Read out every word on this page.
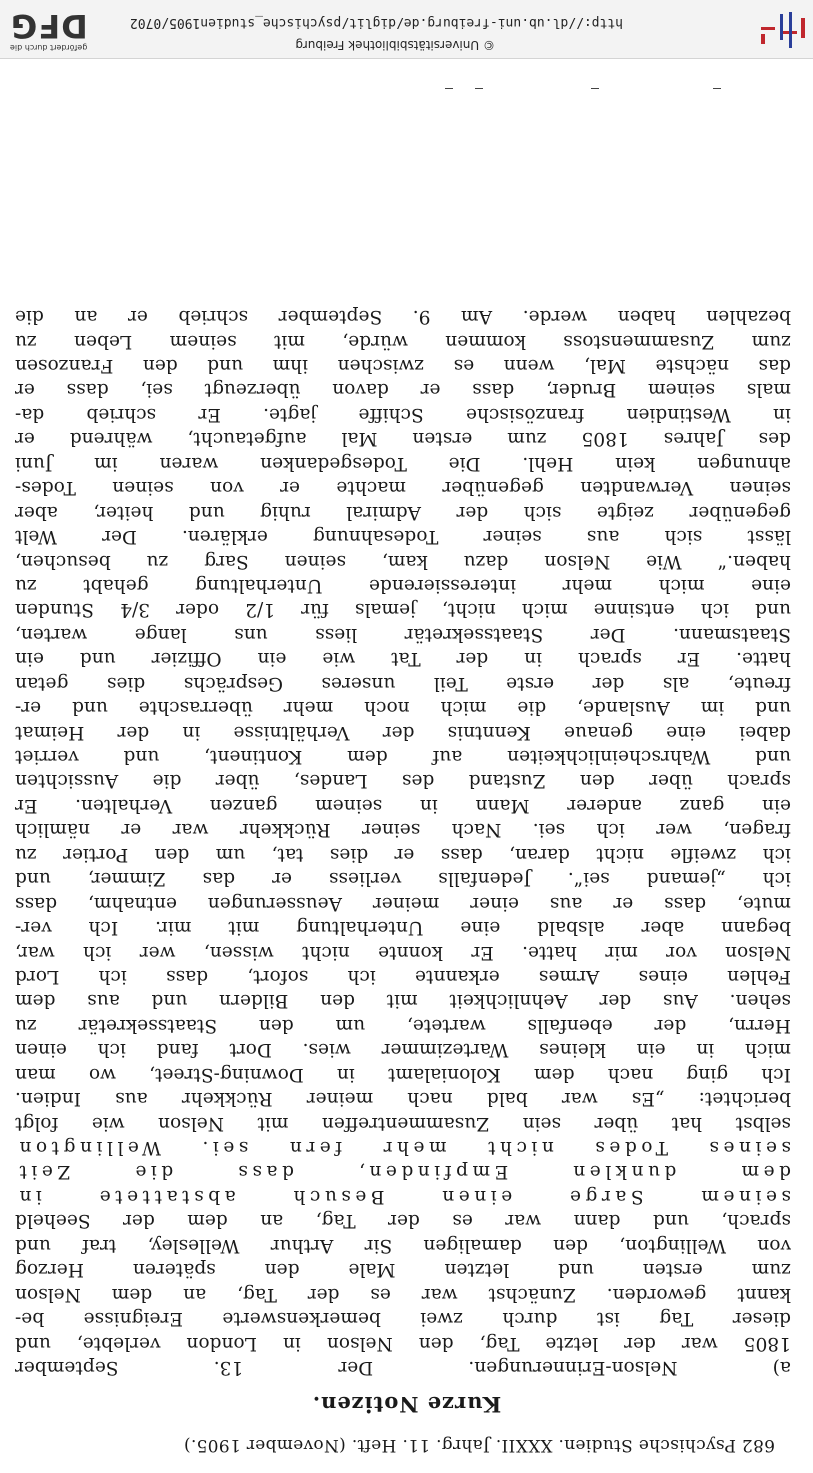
682 Psychische Studien. XXXII. Jahrg. 11. Heft. (November 1905.)
Kurze Notizen.
a) Nelson-Erinnerungen. Der 13. September
1805 war der letzte Tag, den Nelson in London verlebte, und
dieser Tag ist durch zwei bemerkenswerte Ereignisse be-
kannt geworden. Zunächst war es der Tag, an dem Nelson
zum ersten und letzten Male den späteren Herzog
von Wellington, den damaligen Sir Arthur Wellesley, traf und
sprach, und dann war es der Tag, an dem der Seeheld
seinem Sarge einen Besuch abstattete in
dem dunklen Empfinden, dass die Zeit
seines Todes nicht mehr fern sei. Wellington
selbst hat über sein Zusammentreffen mit Nelson wie folgt
berichtet: „Es war bald nach meiner Rückkehr aus Indien.
Ich ging nach dem Kolonialamt in Downing-Street, wo man
mich in ein kleines Wartezimmer wies. Dort fand ich einen
Herrn, der ebenfalls wartete, um den Staatssekretär zu
sehen. Aus der Aehnlichkeit mit den Bildern und aus dem
Fehlen eines Armes erkannte ich sofort, dass ich Lord
Nelson vor mir hatte. Er konnte nicht wissen, wer ich war,
begann aber alsbald eine Unterhaltung mit mir. Ich ver-
mute, dass er aus einer meiner Aeusserungen entnahm, dass
ich „jemand sei“. Jedenfalls verliess er das Zimmer, und
ich zweifle nicht daran, dass er dies tat, um den Portier zu
fragen, wer ich sei. Nach seiner Rückkehr war er nämlich
ein ganz anderer Mann in seinem ganzen Verhalten. Er
sprach über den Zustand des Landes, über die Aussichten
und Wahrscheinlichkeiten auf dem Kontinent, und verriet
dabei eine genaue Kenntnis der Verhältnisse in der Heimat
und im Auslande, die mich noch mehr überraschte und er-
freute, als der erste Teil unseres Gesprächs dies getan
hatte. Er sprach in der Tat wie ein Offizier und ein
Staatsmann. Der Staatssekretär liess uns lange warten,
und ich entsinne mich nicht, jemals für 1/2 oder 3/4 Stunden
eine mich mehr interessierende Unterhaltung gehabt zu
haben.“ Wie Nelson dazu kam, seinen Sarg zu besuchen,
lässt sich aus seiner Todesahnung erklären. Der Welt
gegenüber zeigte sich der Admiral ruhig und heiter, aber
seinen Verwandten gegenüber machte er von seinen Todes-
ahnungen kein Hehl. Die Todesgedanken waren im Juni
des Jahres 1805 zum ersten Mal aufgetaucht, während er
in Westindien französische Schiffe jagte. Er schrieb da-
mals seinem Bruder, dass er davon überzeugt sei, dass er
das nächste Mal, wenn es zwischen ihm und den Franzosen
zum Zusammenstoss kommen würde, mit seinem Leben zu
bezahlen haben werde. Am 9. September schrieb er an die
http://dl.ub.uni-freiburg.de/diglit/psychische_studien1905/0702
© Universitätsbibliothek Freiburg
gefördert durch die
DFG
